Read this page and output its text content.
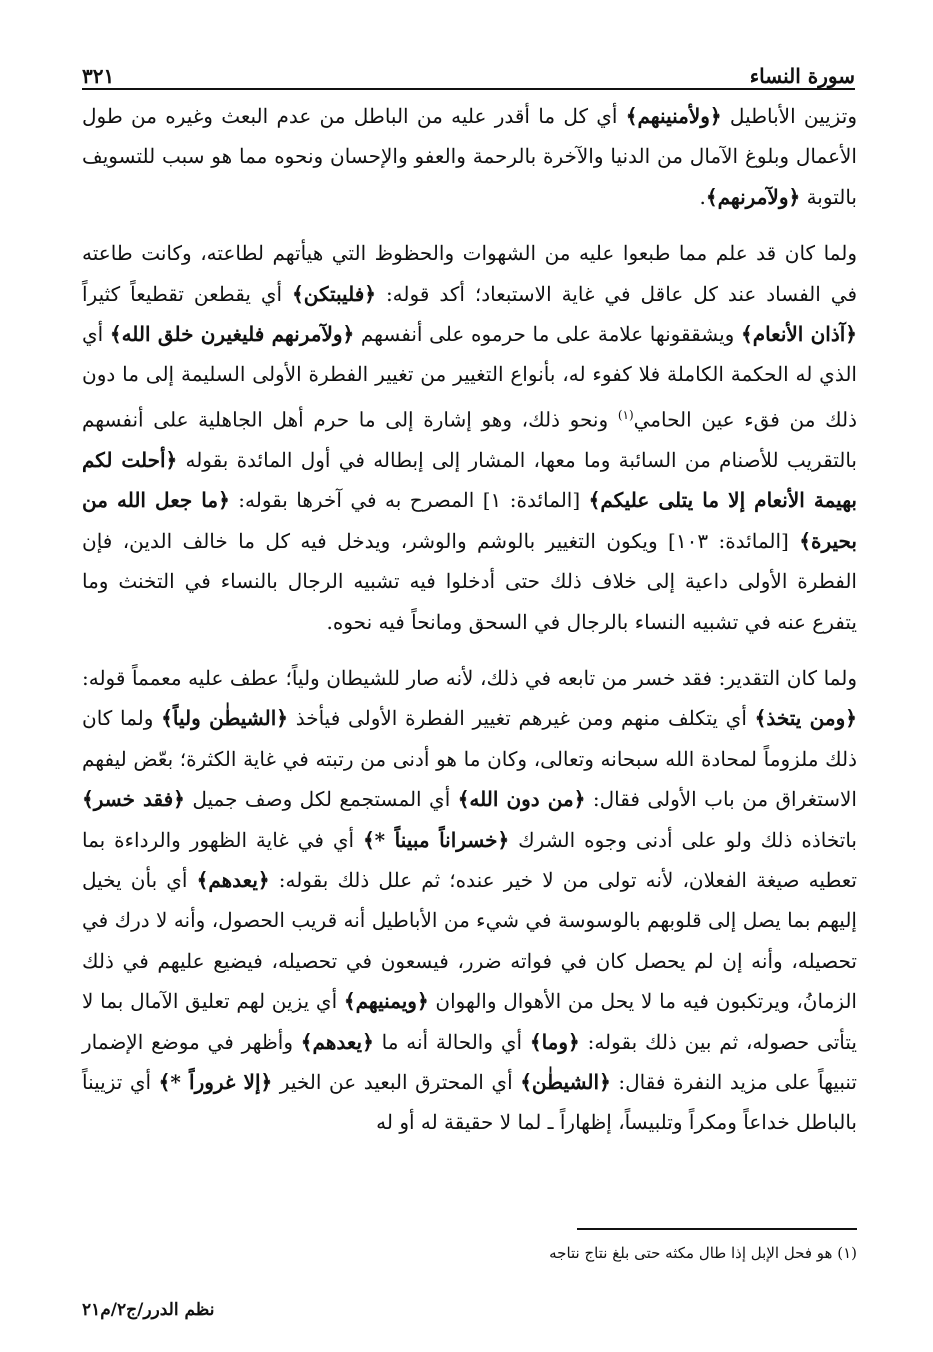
٣٢١	سورة النساء

وتزيين الأباطيل ﴿ولأمنينهم﴾ أي كل ما أقدر عليه من الباطل من عدم البعث وغيره من طول الأعمال وبلوغ الآمال من الدنيا والآخرة بالرحمة والعفو والإحسان ونحوه مما هو سبب للتسويف بالتوبة ﴿ولآمرنهم﴾.

ولما كان قد علم مما طبعوا عليه من الشهوات والحظوظ التي هيأتهم لطاعته، وكانت طاعته في الفساد عند كل عاقل في غاية الاستبعاد؛ أكد قوله: ﴿فليبتكن﴾ أي يقطعن تقطيعاً كثيراً ﴿آذان الأنعام﴾ ويشققونها علامة على ما حرموه على أنفسهم ﴿ولآمرنهم فليغيرن خلق الله﴾ أي الذي له الحكمة الكاملة فلا كفوء له، بأنواع التغيير من تغيير الفطرة الأولى السليمة إلى ما دون ذلك من فقء عين الحامي$^{(١)}$ ونحو ذلك، وهو إشارة إلى ما حرم أهل الجاهلية على أنفسهم بالتقريب للأصنام من السائبة وما معها، المشار إلى إبطاله في أول المائدة بقوله ﴿أحلت لكم بهيمة الأنعام إلا ما يتلى عليكم﴾ [المائدة: ١] المصرح به في آخرها بقوله: ﴿ما جعل الله من بحيرة﴾ [المائدة: ١٠٣] ويكون التغيير بالوشم والوشر، ويدخل فيه كل ما خالف الدين، فإن الفطرة الأولى داعية إلى خلاف ذلك حتى أدخلوا فيه تشبيه الرجال بالنساء في التخنث وما يتفرع عنه في تشبيه النساء بالرجال في السحق ومانحاً فيه نحوه.

ولما كان التقدير: فقد خسر من تابعه في ذلك، لأنه صار للشيطان ولياً؛ عطف عليه معمماً قوله: ﴿ومن يتخذ﴾ أي يتكلف منهم ومن غيرهم تغيير الفطرة الأولى فيأخذ ﴿الشيطٰن ولياً﴾ ولما كان ذلك ملزوماً لمحادة الله سبحانه وتعالى، وكان ما هو أدنى من رتبته في غاية الكثرة؛ بعّض ليفهم الاستغراق من باب الأولى فقال: ﴿من دون الله﴾ أي المستجمع لكل وصف جميل ﴿فقد خسر﴾ باتخاذه ذلك ولو على أدنى وجوه الشرك ﴿خسراناً مبيناً *﴾ أي في غاية الظهور والرداءة بما تعطيه صيغة الفعلان، لأنه تولى من لا خير عنده؛ ثم علل ذلك بقوله: ﴿يعدهم﴾ أي بأن يخيل إليهم بما يصل إلى قلوبهم بالوسوسة في شيء من الأباطيل أنه قريب الحصول، وأنه لا درك في تحصيله، وأنه إن لم يحصل كان في فواته ضرر، فيسعون في تحصيله، فيضيع عليهم في ذلك الزمانُ، ويرتكبون فيه ما لا يحل من الأهوال والهوان ﴿ويمنيهم﴾ أي يزين لهم تعليق الآمال بما لا يتأتى حصوله، ثم بين ذلك بقوله: ﴿وما﴾ أي والحالة أنه ما ﴿يعدهم﴾ وأظهر في موضع الإضمار تنبيهاً على مزيد النفرة فقال: ﴿الشيطٰن﴾ أي المحترق البعيد عن الخير ﴿إلا غروراً *﴾ أي تزييناً بالباطل خداعاً ومكراً وتلبيساً، إظهاراً ـ لما لا حقيقة له أو له

(١) هو فحل الإبل إذا طال مكثه حتى بلغ نتاج نتاجه
نظم الدرر/ج٢/م٢١
